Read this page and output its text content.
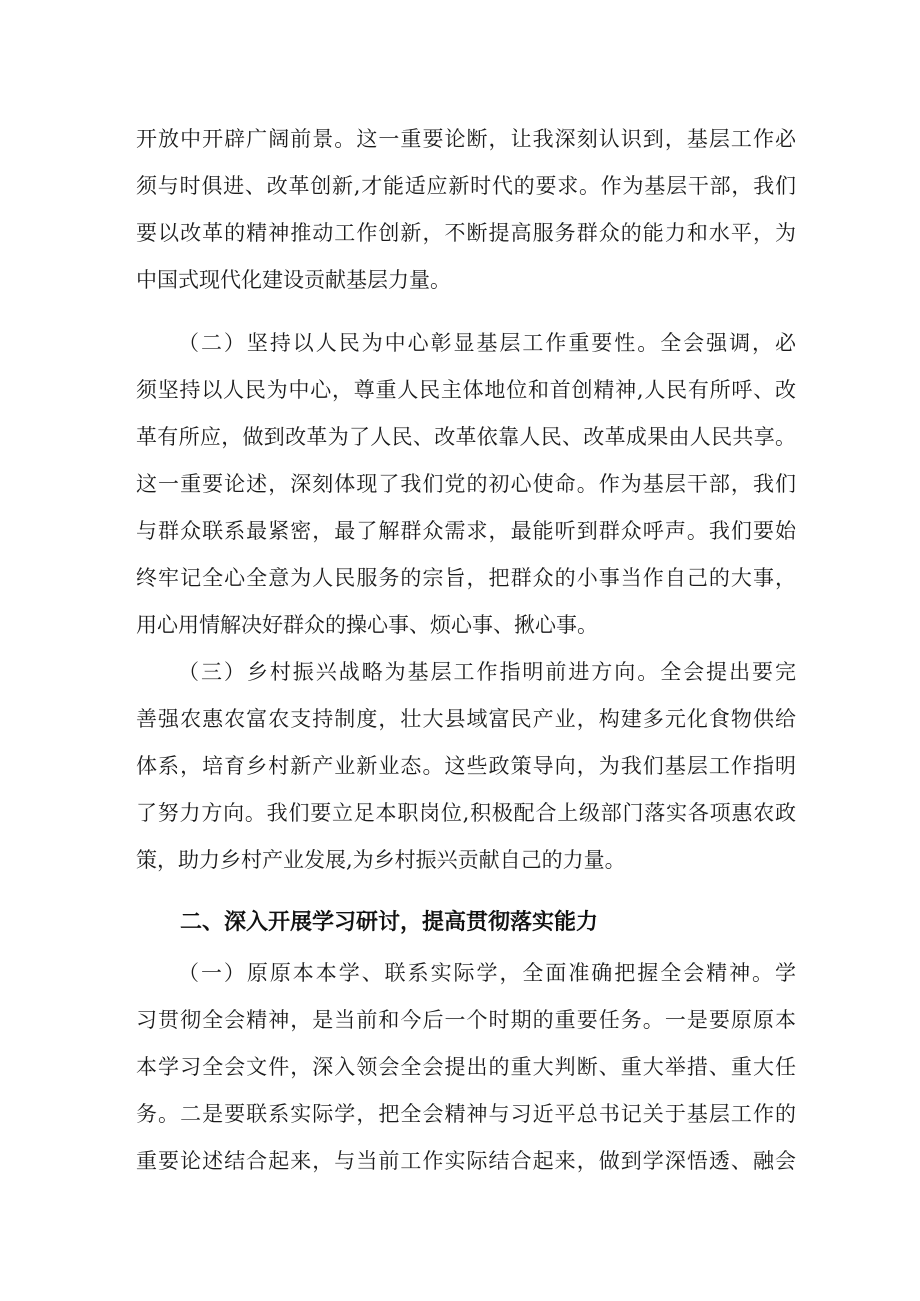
开放中开辟广阔前景。这一重要论断，让我深刻认识到，基层工作必
须与时俱进、改革创新,才能适应新时代的要求。作为基层干部，我们
要以改革的精神推动工作创新，不断提高服务群众的能力和水平，为
中国式现代化建设贡献基层力量。
（二）坚持以人民为中心彰显基层工作重要性。全会强调，必
须坚持以人民为中心，尊重人民主体地位和首创精神,人民有所呼、改
革有所应，做到改革为了人民、改革依靠人民、改革成果由人民共享。
这一重要论述，深刻体现了我们党的初心使命。作为基层干部，我们
与群众联系最紧密，最了解群众需求，最能听到群众呼声。我们要始
终牢记全心全意为人民服务的宗旨，把群众的小事当作自己的大事，
用心用情解决好群众的操心事、烦心事、揪心事。
（三）乡村振兴战略为基层工作指明前进方向。全会提出要完
善强农惠农富农支持制度，壮大县域富民产业，构建多元化食物供给
体系，培育乡村新产业新业态。这些政策导向，为我们基层工作指明
了努力方向。我们要立足本职岗位,积极配合上级部门落实各项惠农政
策，助力乡村产业发展,为乡村振兴贡献自己的力量。
二、深入开展学习研讨，提高贯彻落实能力
（一）原原本本学、联系实际学，全面准确把握全会精神。学
习贯彻全会精神，是当前和今后一个时期的重要任务。一是要原原本
本学习全会文件，深入领会全会提出的重大判断、重大举措、重大任
务。二是要联系实际学，把全会精神与习近平总书记关于基层工作的
重要论述结合起来，与当前工作实际结合起来，做到学深悟透、融会
